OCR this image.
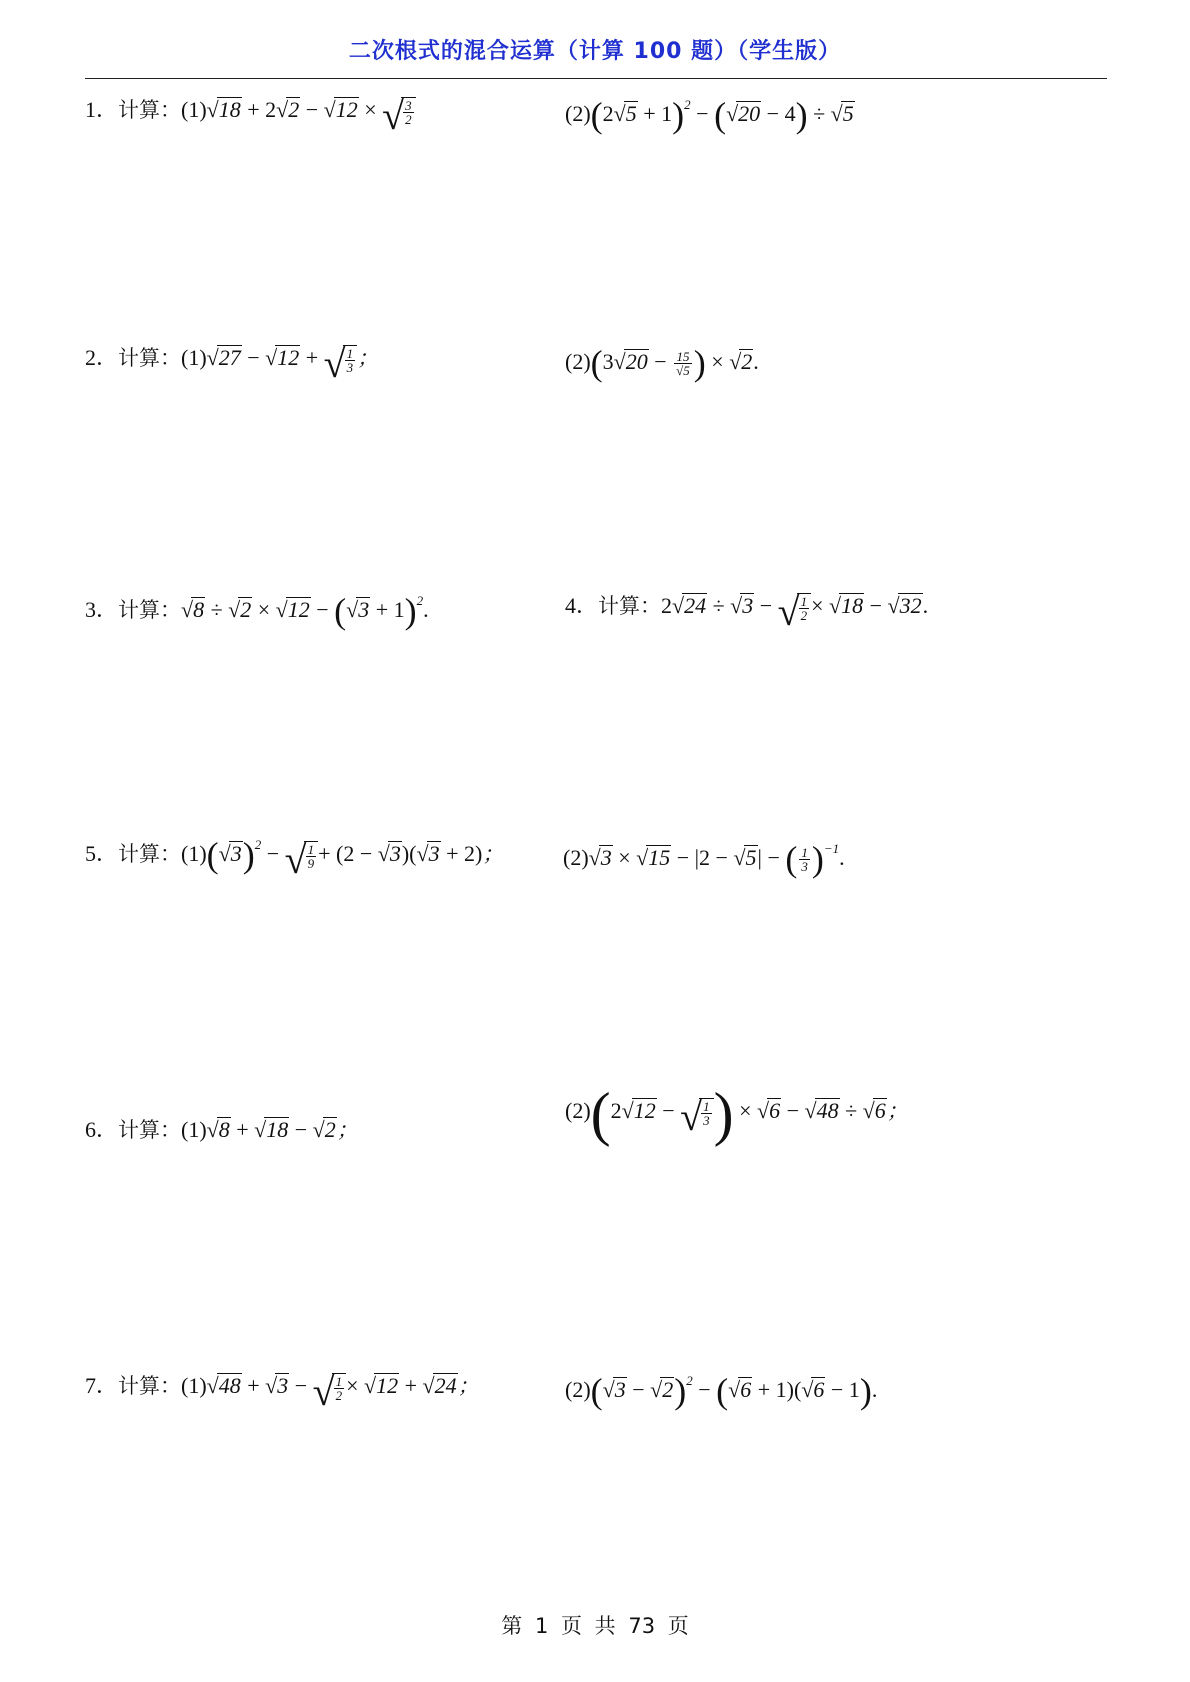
二次根式的混合运算（计算 100 题）（学生版）
1．计算：(1)√18 + 2√2 − √12 × √ $\frac{3}{2}$	$(2)(2√5 + 1)^2 - (√20 - 4) \div √5$
2．计算：(1)√27 − √12 + √ $\frac{1}{3}$ ；	$(2)(3√20 - \frac{15}{√5}$ ) × √2.
3．计算：$√8 \div √2 \times √12 - (√3 + 1)^2$.	4．计算：2√24 ÷ √3 − √ $\frac{1}{2} \times √18 - √32$.
5．计算：$(1)(√3)^2$ − √ $\frac{1}{9} + (2 - √3)(√3 + 2)$；	(2)√3 × √15 − |2 − √5| − ( $\frac{1}{3} )^{-1}$.
6．计算：(1)√8 + √18 − √2；
(2)(2√12 − √ $\frac{1}{3}$ ) × √6 − √48 ÷ √6；
7．计算：(1)√48 + √3 − √ $\frac{1}{2} \times √12 + √24$；	$(2)(√3 - √2)^2 - (√6 + 1)(√6 - 1)$.
第 1 页 共 73 页
